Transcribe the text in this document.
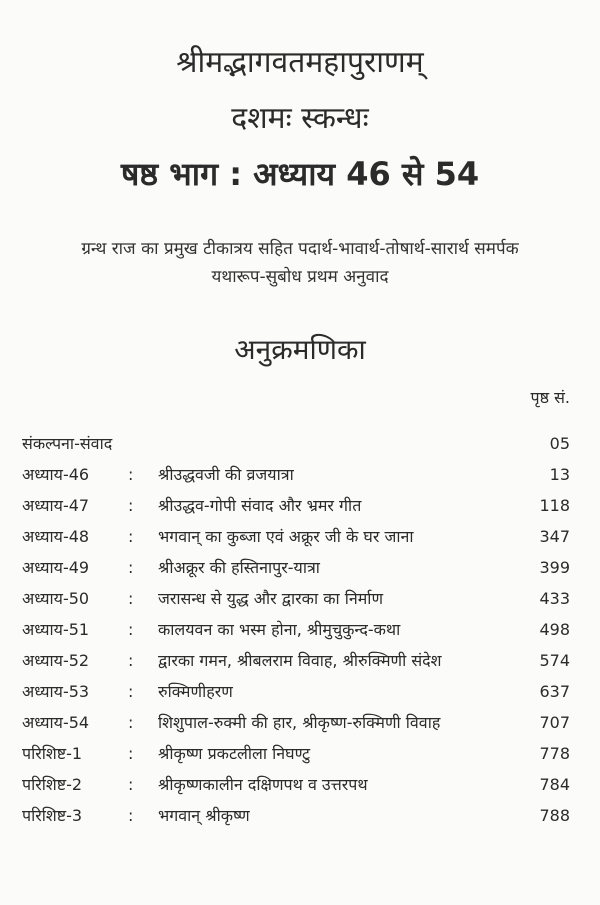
श्रीमद्भागवतमहापुराणम्
दशमः स्कन्धः
षष्ठ भाग : अध्याय 46 से 54
ग्रन्थ राज का प्रमुख टीकात्रय सहित पदार्थ-भावार्थ-तोषार्थ-सारार्थ समर्पक
यथारूप-सुबोध प्रथम अनुवाद
अनुक्रमणिका
पृष्ठ सं.
संकल्पना-संवाद	05
अध्याय-46 : श्रीउद्धवजी की व्रजयात्रा	13
अध्याय-47 : श्रीउद्धव-गोपी संवाद और भ्रमर गीत	118
अध्याय-48 : भगवान् का कुब्जा एवं अक्रूर जी के घर जाना	347
अध्याय-49 : श्रीअक्रूर की हस्तिनापुर-यात्रा	399
अध्याय-50 : जरासन्ध से युद्ध और द्वारका का निर्माण	433
अध्याय-51 : कालयवन का भस्म होना, श्रीमुचुकुन्द-कथा	498
अध्याय-52 : द्वारका गमन, श्रीबलराम विवाह, श्रीरुक्मिणी संदेश	574
अध्याय-53 : रुक्मिणीहरण	637
अध्याय-54 : शिशुपाल-रुक्मी की हार, श्रीकृष्ण-रुक्मिणी विवाह	707
परिशिष्ट-1	: श्रीकृष्ण प्रकटलीला निघण्टु	778
परिशिष्ट-2	: श्रीकृष्णकालीन दक्षिणपथ व उत्तरपथ	784
परिशिष्ट-3	: भगवान् श्रीकृष्ण	788
